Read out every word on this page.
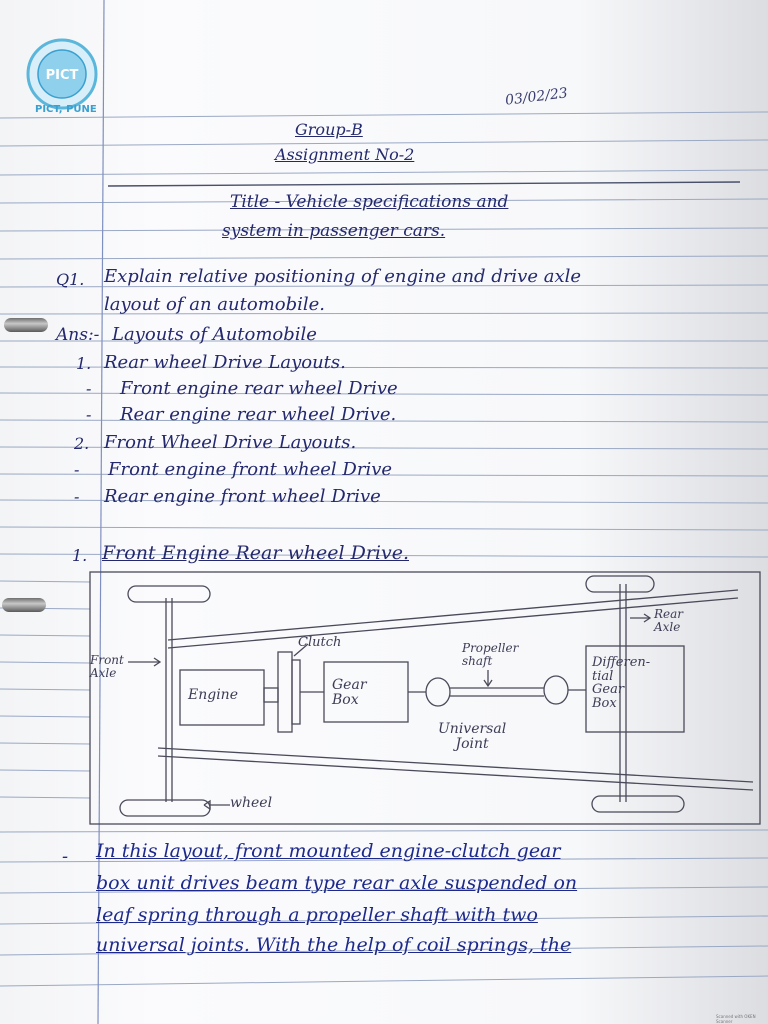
PICT
PICT, PUNE
03/02/23
Group-B
Assignment No-2
Title - Vehicle specifications and
system in passenger cars.
Q1. Explain relative positioning of engine and drive axle
layout of an automobile.
Ans:- Layouts of Automobile
1. Rear wheel Drive Layouts.
- Front engine rear wheel Drive
- Rear engine rear wheel Drive.
2. Front Wheel Drive Layouts.
- Front engine front wheel Drive
- Rear engine front wheel Drive
1. Front Engine Rear wheel Drive.
Front
Axle
Clutch
Engine
Gear
Box
Propeller
shaft	Differen-
tial
Gear
Box
Rear
Axle
Universal
Joint
wheel
- In this layout, front mounted engine-clutch gear
box unit drives beam type rear axle suspended on
leaf spring through a propeller shaft with two
universal joints. With the help of coil springs, the
Scanned with OKEN Scanner
